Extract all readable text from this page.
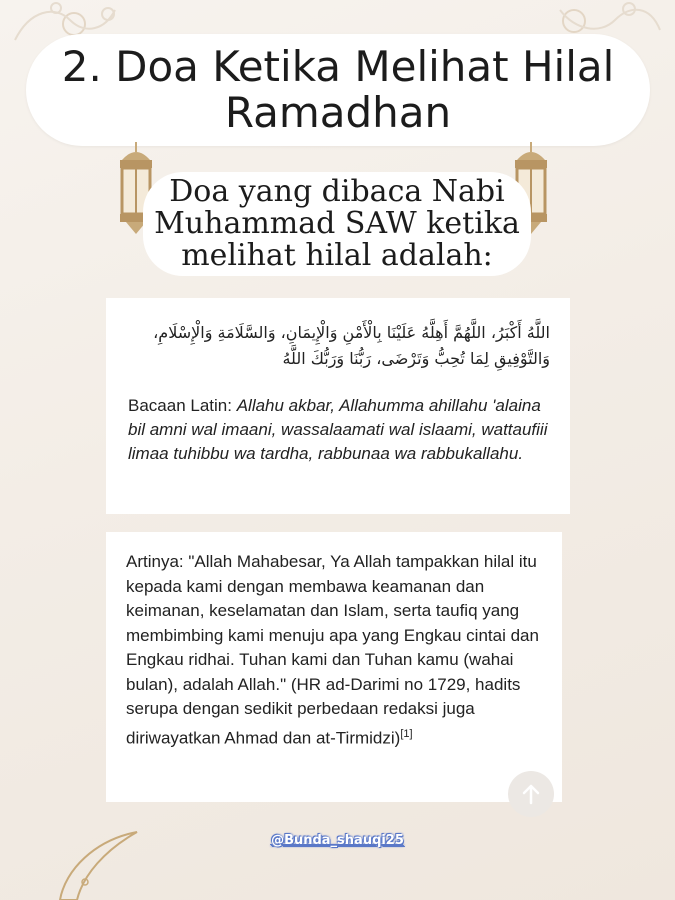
2. Doa Ketika Melihat Hilal
Ramadhan
Doa yang dibaca Nabi
Muhammad SAW ketika
melihat hilal adalah:
اللَّهُ أَكْبَرُ، اللَّهُمَّ أَهِلَّهُ عَلَيْنَا بِالْأَمْنِ وَالْإِيمَانِ، وَالسَّلَامَةِ وَالْإِسْلَامِ، وَالتَّوْفِيقِ لِمَا تُحِبُّ وَتَرْضَى، رَبُّنَا وَرَبُّكَ اللَّهُ
Bacaan Latin: Allahu akbar, Allahumma ahillahu 'alaina bil amni wal imaani, wassalaamati wal islaami, wattaufiii limaa tuhibbu wa tardha, rabbunaa wa rabbukallahu.
Artinya: "Allah Mahabesar, Ya Allah tampakkan hilal itu kepada kami dengan membawa keamanan dan keimanan, keselamatan dan Islam, serta taufiq yang membimbing kami menuju apa yang Engkau cintai dan Engkau ridhai. Tuhan kami dan Tuhan kamu (wahai bulan), adalah Allah." (HR ad-Darimi no 1729, hadits serupa dengan sedikit perbedaan redaksi juga diriwayatkan Ahmad dan at-Tirmidzi)[1]
@Bunda_shauqi25
